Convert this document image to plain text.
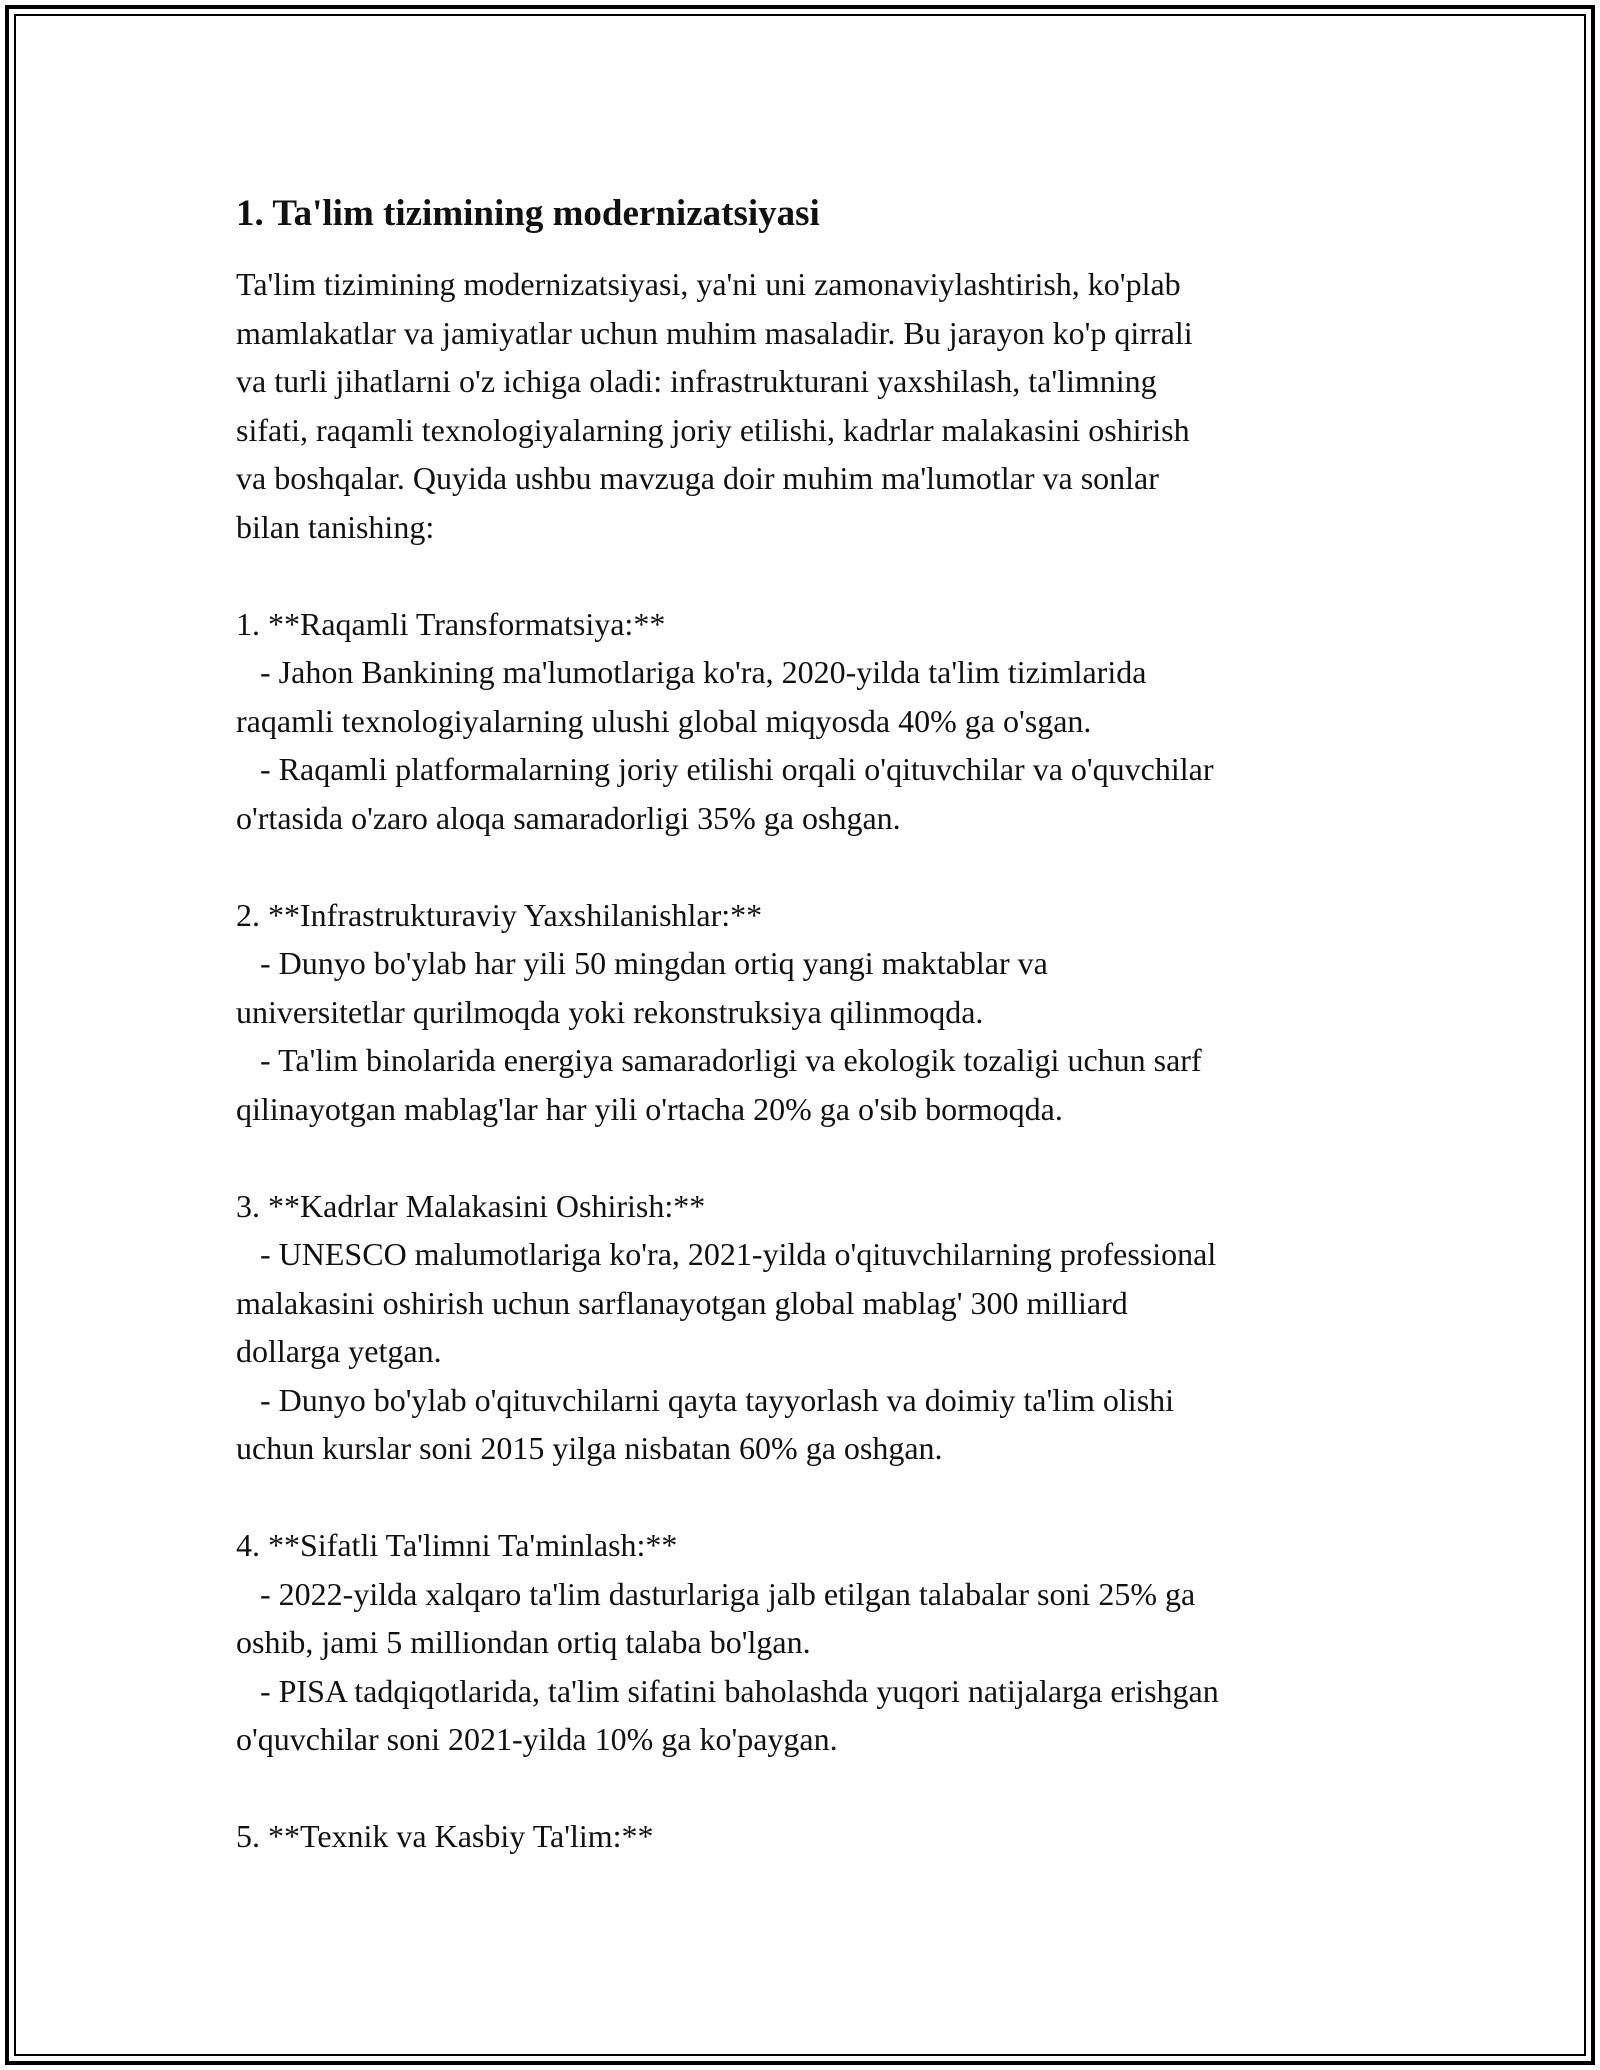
1. Ta'lim tizimining modernizatsiyasi
Ta'lim tizimining modernizatsiyasi, ya'ni uni zamonaviylashtirish, ko'plab
mamlakatlar va jamiyatlar uchun muhim masaladir. Bu jarayon ko'p qirrali
va turli jihatlarni o'z ichiga oladi: infrastrukturani yaxshilash, ta'limning
sifati, raqamli texnologiyalarning joriy etilishi, kadrlar malakasini oshirish
va boshqalar. Quyida ushbu mavzuga doir muhim ma'lumotlar va sonlar
bilan tanishing:

1. **Raqamli Transformatsiya:**
- Jahon Bankining ma'lumotlariga ko'ra, 2020-yilda ta'lim tizimlarida
raqamli texnologiyalarning ulushi global miqyosda 40% ga o'sgan.
- Raqamli platformalarning joriy etilishi orqali o'qituvchilar va o'quvchilar
o'rtasida o'zaro aloqa samaradorligi 35% ga oshgan.

2. **Infrastrukturaviy Yaxshilanishlar:**
- Dunyo bo'ylab har yili 50 mingdan ortiq yangi maktablar va
universitetlar qurilmoqda yoki rekonstruksiya qilinmoqda.
- Ta'lim binolarida energiya samaradorligi va ekologik tozaligi uchun sarf
qilinayotgan mablag'lar har yili o'rtacha 20% ga o'sib bormoqda.

3. **Kadrlar Malakasini Oshirish:**
- UNESCO malumotlariga ko'ra, 2021-yilda o'qituvchilarning professional
malakasini oshirish uchun sarflanayotgan global mablag' 300 milliard
dollarga yetgan.
- Dunyo bo'ylab o'qituvchilarni qayta tayyorlash va doimiy ta'lim olishi
uchun kurslar soni 2015 yilga nisbatan 60% ga oshgan.

4. **Sifatli Ta'limni Ta'minlash:**
- 2022-yilda xalqaro ta'lim dasturlariga jalb etilgan talabalar soni 25% ga
oshib, jami 5 milliondan ortiq talaba bo'lgan.
- PISA tadqiqotlarida, ta'lim sifatini baholashda yuqori natijalarga erishgan
o'quvchilar soni 2021-yilda 10% ga ko'paygan.

5. **Texnik va Kasbiy Ta'lim:**
